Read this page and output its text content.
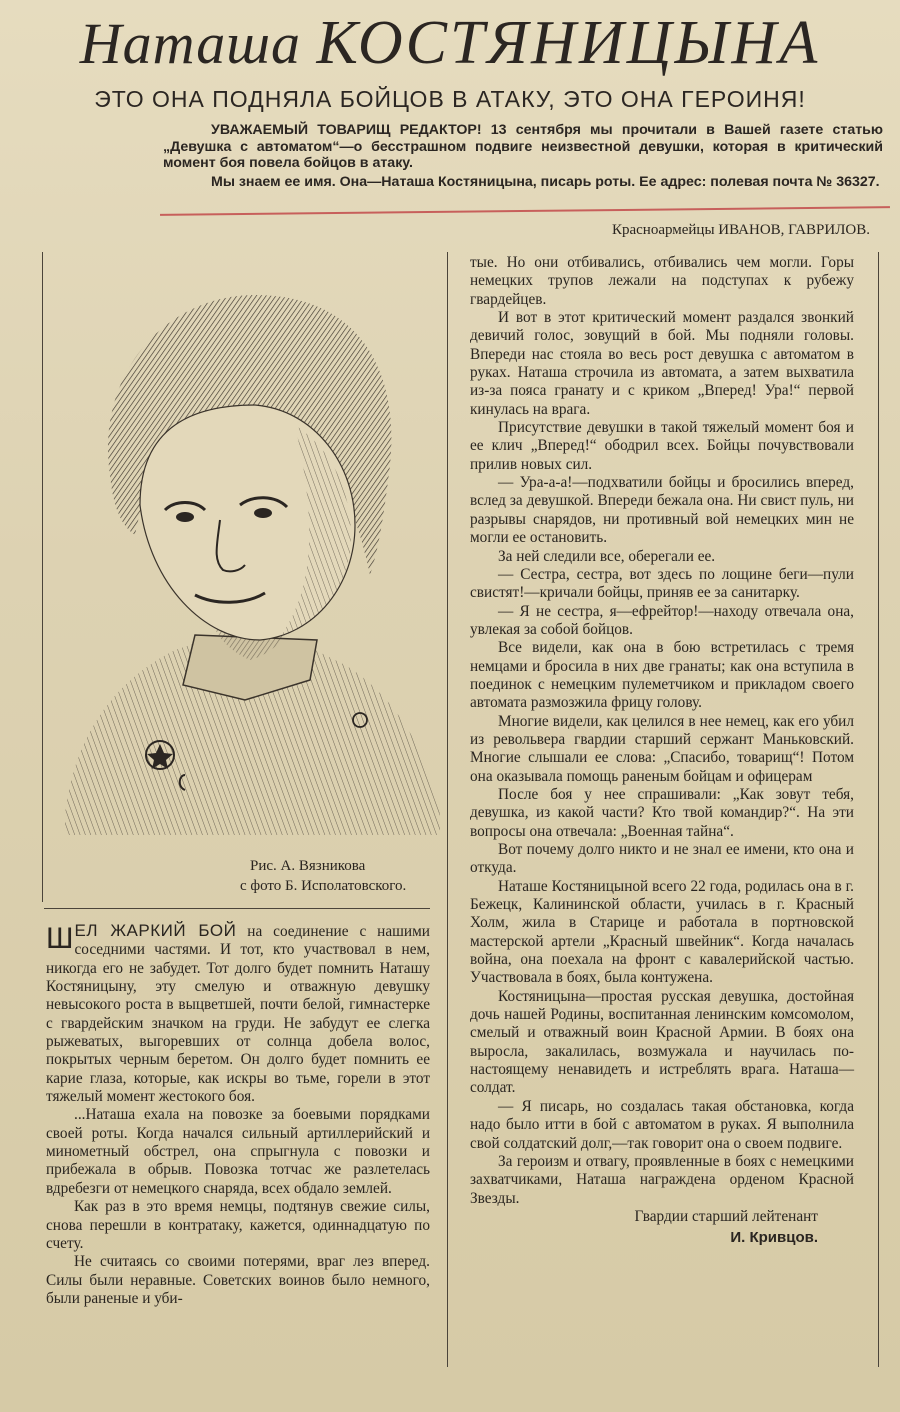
Наташа КОСТЯНИЦЫНА
ЭТО ОНА ПОДНЯЛА БОЙЦОВ В АТАКУ, ЭТО ОНА ГЕРОИНЯ!

УВАЖАЕМЫЙ ТОВАРИЩ РЕДАКТОР! 13 сентября мы прочитали в Вашей газете статью „Девушка с автоматом“—о бесстрашном подвиге неизвестной девушки, которая в критический момент боя повела бойцов в атаку.

Мы знаем ее имя. Она—Наташа Костяницына, писарь роты. Ее адрес: полевая почта № 36327.

Красноармейцы ИВАНОВ, ГАВРИЛОВ.
Рис. А. Вязникова
с фото Б. Исполатовского.

ШЕЛ ЖАРКИЙ БОЙ на соединение с нашими соседними частями. И тот, кто участвовал в нем, никогда его не забудет. Тот долго будет помнить Наташу Костяницыну, эту смелую и отважную девушку невысокого роста в выцветшей, почти белой, гимнастерке с гвардейским значком на груди. Не забудут ее слегка рыжеватых, выгоревших от солнца добела волос, покрытых черным беретом. Он долго будет помнить ее карие глаза, которые, как искры во тьме, горели в этот тяжелый момент жестокого боя.

...Наташа ехала на повозке за боевыми порядками своей роты. Когда начался сильный артиллерийский и минометный обстрел, она спрыгнула с повозки и прибежала в обрыв. Повозка тотчас же разлетелась вдребезги от немецкого снаряда, всех обдало землей.

Как раз в это время немцы, подтянув свежие силы, снова перешли в контратаку, кажется, одиннадцатую по счету.

Не считаясь со своими потерями, враг лез вперед. Силы были неравные. Советских воинов было немного, были раненые и уби-

тые. Но они отбивались, отбивались чем могли. Горы немецких трупов лежали на подступах к рубежу гвардейцев.

И вот в этот критический момент раздался звонкий девичий голос, зовущий в бой. Мы подняли головы. Впереди нас стояла во весь рост девушка с автоматом в руках. Наташа строчила из автомата, а затем выхватила из-за пояса гранату и с криком „Вперед! Ура!“ первой кинулась на врага.

Присутствие девушки в такой тяжелый момент боя и ее клич „Вперед!“ ободрил всех. Бойцы почувствовали прилив новых сил.

— Ура-а-а!—подхватили бойцы и бросились вперед, вслед за девушкой. Впереди бежала она. Ни свист пуль, ни разрывы снарядов, ни противный вой немецких мин не могли ее остановить.

За ней следили все, оберегали ее.

— Сестра, сестра, вот здесь по лощине беги—пули свистят!—кричали бойцы, приняв ее за санитарку.

— Я не сестра, я—ефрейтор!—находу отвечала она, увлекая за собой бойцов.

Все видели, как она в бою встретилась с тремя немцами и бросила в них две гранаты; как она вступила в поединок с немецким пулеметчиком и прикладом своего автомата размозжила фрицу голову.

Многие видели, как целился в нее немец, как его убил из револьвера гвардии старший сержант Маньковский. Многие слышали ее слова: „Спасибо, товарищ“! Потом она оказывала помощь раненым бойцам и офицерам

После боя у нее спрашивали: „Как зовут тебя, девушка, из какой части? Кто твой командир?“. На эти вопросы она отвечала: „Военная тайна“.

Вот почему долго никто и не знал ее имени, кто она и откуда.

Наташе Костяницыной всего 22 года, родилась она в г. Бежецк, Калининской области, училась в г. Красный Холм, жила в Старице и работала в портновской мастерской артели „Красный швейник“. Когда началась война, она поехала на фронт с кавалерийской частью. Участвовала в боях, была контужена.

Костяницына—простая русская девушка, достойная дочь нашей Родины, воспитанная ленинским комсомолом, смелый и отважный воин Красной Армии. В боях она выросла, закалилась, возмужала и научилась по-настоящему ненавидеть и истреблять врага. Наташа—солдат.

— Я писарь, но создалась такая обстановка, когда надо было итти в бой с автоматом в руках. Я выполнила свой солдатский долг,—так говорит она о своем подвиге.

За героизм и отвагу, проявленные в боях с немецкими захватчиками, Наташа награждена орденом Красной Звезды.

Гвардии старший лейтенант

И. Кривцов.
